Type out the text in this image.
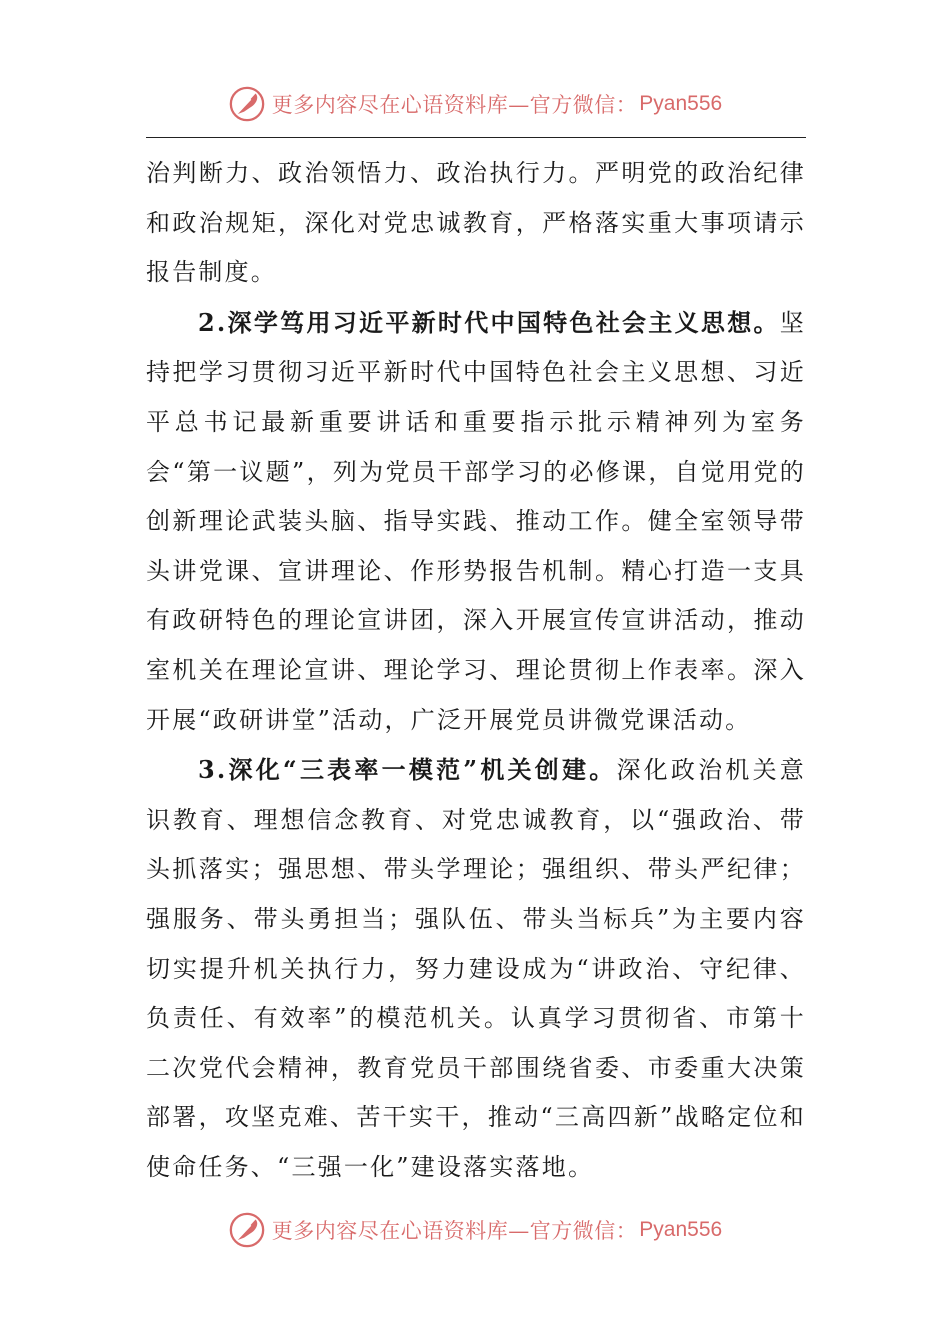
更多内容尽在心语资料库—官方微信： Pyan556

治判断力、政治领悟力、政治执行力。严明党的政治纪律和政治规矩，深化对党忠诚教育，严格落实重大事项请示报告制度。

2.深学笃用习近平新时代中国特色社会主义思想。坚持把学习贯彻习近平新时代中国特色社会主义思想、习近平总书记最新重要讲话和重要指示批示精神列为室务会“第一议题”，列为党员干部学习的必修课，自觉用党的创新理论武装头脑、指导实践、推动工作。健全室领导带头讲党课、宣讲理论、作形势报告机制。精心打造一支具有政研特色的理论宣讲团，深入开展宣传宣讲活动，推动室机关在理论宣讲、理论学习、理论贯彻上作表率。深入开展“政研讲堂”活动，广泛开展党员讲微党课活动。

3.深化“三表率一模范”机关创建。深化政治机关意识教育、理想信念教育、对党忠诚教育，以“强政治、带头抓落实；强思想、带头学理论；强组织、带头严纪律；强服务、带头勇担当；强队伍、带头当标兵”为主要内容切实提升机关执行力，努力建设成为“讲政治、守纪律、负责任、有效率”的模范机关。认真学习贯彻省、市第十二次党代会精神，教育党员干部围绕省委、市委重大决策部署，攻坚克难、苦干实干，推动“三高四新”战略定位和使命任务、“三强一化”建设落实落地。

更多内容尽在心语资料库—官方微信： Pyan556
